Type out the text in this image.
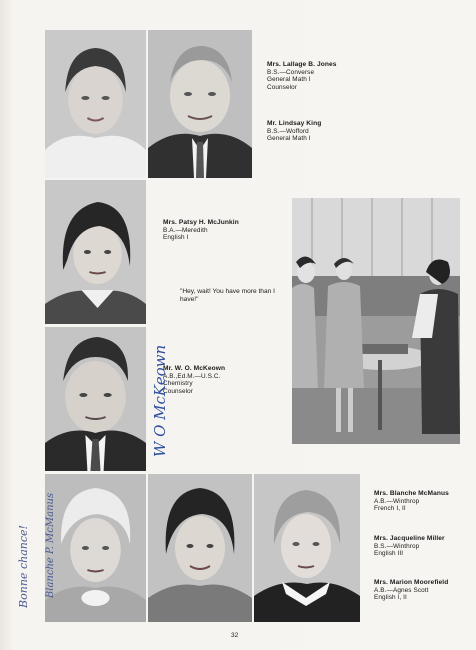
Mrs. Lallage B. Jones
B.S.—Converse
General Math I
Counselor
Mr. Lindsay King
B.S.—Wofford
General Math I
Mrs. Patsy H. McJunkin
B.A.—Meredith
English I
"Hey, wait! You have more than I have!"
Mr. W. O. McKeown
A.B.,Ed.M.—U.S.C.
Chemistry
Counselor
W O McKeown
Mrs. Blanche McManus
A.B.—Winthrop
French I, II
Mrs. Jacqueline Miller
B.S.—Winthrop
English III
Mrs. Marion Moorefield
A.B.—Agnes Scott
English I, II
Bonne chance! Blanche P. McManus
32
